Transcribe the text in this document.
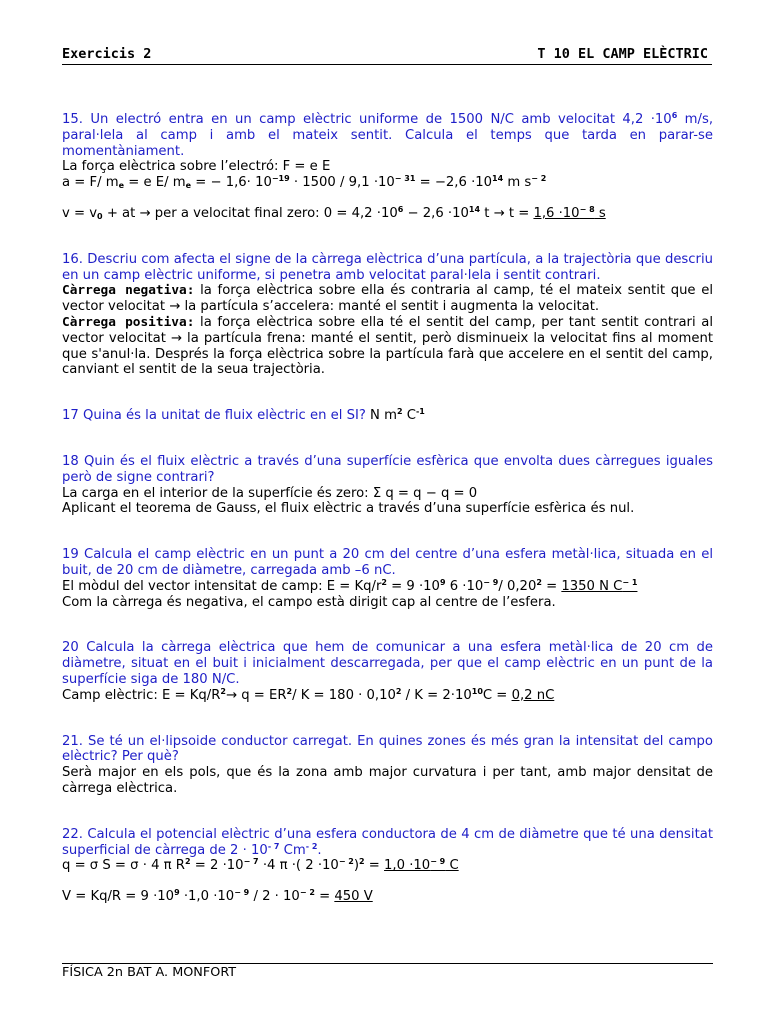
Exercicis 2	T 10 EL CAMP ELÈCTRIC
15. Un electró entra en un camp elèctric uniforme de 1500 N/C amb velocitat $4,2 \cdot 10^6$ m/s, paral·lela al camp i amb el mateix sentit. Calcula el temps que tarda en parar-se momentàniament.
La força elèctrica sobre l’electró: F = e E
a = F/ $m_e = e$ E/ $m_e$ = − $1,6\cdot 10^{-19} \cdot 1500 / 9,1 \cdot 10^{- 31} = -2,6 \cdot 10^{14}$ m $s^{- 2}$
$v = v_0$ + at → per a velocitat final zero: $0 = 4,2 \cdot 10^6 - 2,6 \cdot 10^{14}$ $t \to t = 1,6 \cdot 10^{- 8}$ s
16. Descriu com afecta el signe de la càrrega elèctrica d’una partícula, a la trajectòria que descriu en un camp elèctric uniforme, si penetra amb velocitat paral·lela i sentit contrari.
Càrrega negativa: la força elèctrica sobre ella és contraria al camp, té el mateix sentit que el vector velocitat → la partícula s’accelera: manté el sentit i augmenta la velocitat.
Càrrega positiva: la força elèctrica sobre ella té el sentit del camp, per tant sentit contrari al vector velocitat → la partícula frena: manté el sentit, però disminueix la velocitat fins al moment que s'anul·la. Després la força elèctrica sobre la partícula farà que accelere en el sentit del camp, canviant el sentit de la seua trajectòria.
17 Quina és la unitat de fluix elèctric en el SI? N $m^2$ $C^{-1}$
18 Quin és el fluix elèctric a través d’una superfície esfèrica que envolta dues càrregues iguales però de signe contrari?
La carga en el interior de la superfície és zero: Σ q = q − q = 0
Aplicant el teorema de Gauss, el fluix elèctric a través d’una superfície esfèrica és nul.
19 Calcula el camp elèctric en un punt a 20 cm del centre d’una esfera metàl·lica, situada en el buit, de 20 cm de diàmetre, carregada amb –6 nC.
El mòdul del vector intensitat de camp: $E = Kq/r^2 = 9 \cdot 10^9$ $6 \cdot 10^{- 9}/$ $0,20^2 = 1350$ N $C^{- 1}$
Com la càrrega és negativa, el campo està dirigit cap al centre de l’esfera.
20 Calcula la càrrega elèctrica que hem de comunicar a una esfera metàl·lica de 20 cm de diàmetre, situat en el buit i inicialment descarregada, per que el camp elèctric en un punt de la superfície siga de 180 N/C.
Camp elèctric: $E = Kq/R^2\to q = ER^2/$ $K = 180 \cdot 0,10^2 / K = 2\cdot 10^{10}C = 0,2$ nC
21. Se té un el·lipsoide conductor carregat. En quines zones és més gran la intensitat del campo elèctric? Per què?
Serà major en els pols, que és la zona amb major curvatura i per tant, amb major densitat de càrrega elèctrica.
22. Calcula el potencial elèctric d’una esfera conductora de 4 cm de diàmetre que té una densitat superficial de càrrega de $2 \cdot 10^{- 7}$ $Cm^{- 2}$.
q = σ S = σ · 4 π $R^2 = 2 \cdot 10^{- 7} \cdot 4$ π ·( $2 \cdot 10^{- 2})^2 = 1,0 \cdot 10^{- 9}$ C
$V = Kq/R = 9 \cdot 10^9 \cdot 1,0 \cdot 10^{- 9} / 2 \cdot 10^{- 2} = 450$ V
FÍSICA 2n BAT A. MONFORT
